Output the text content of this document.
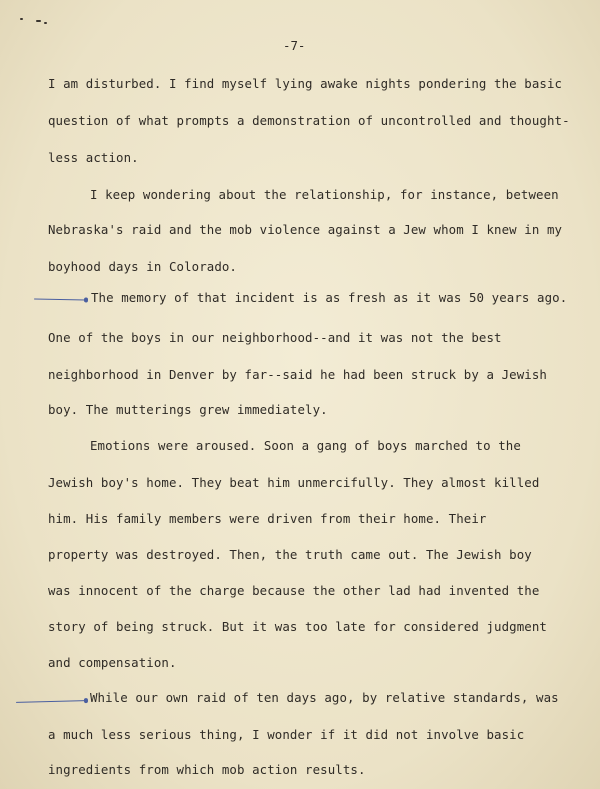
-7-
I am disturbed. I find myself lying awake nights pondering the basic
question of what prompts a demonstration of uncontrolled and thought-
less action.
I keep wondering about the relationship, for instance, between
Nebraska's raid and the mob violence against a Jew whom I knew in my
boyhood days in Colorado.
The memory of that incident is as fresh as it was 50 years ago.
One of the boys in our neighborhood--and it was not the best
neighborhood in Denver by far--said he had been struck by a Jewish
boy. The mutterings grew immediately.
Emotions were aroused. Soon a gang of boys marched to the
Jewish boy's home. They beat him unmercifully. They almost killed
him. His family members were driven from their home. Their
property was destroyed. Then, the truth came out. The Jewish boy
was innocent of the charge because the other lad had invented the
story of being struck. But it was too late for considered judgment
and compensation.
While our own raid of ten days ago, by relative standards, was
a much less serious thing, I wonder if it did not involve basic
ingredients from which mob action results.
